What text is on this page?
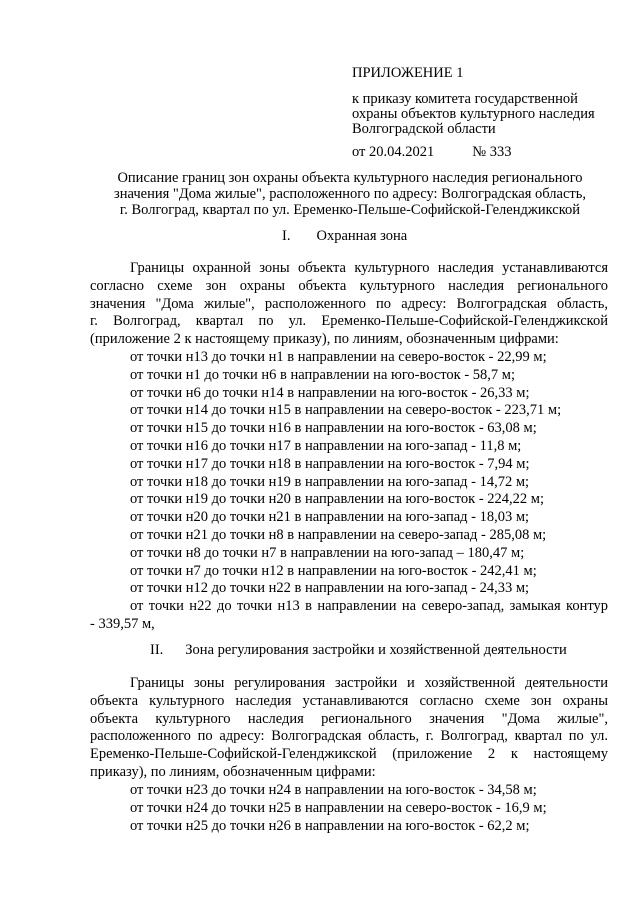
ПРИЛОЖЕНИЕ 1
к приказу комитета государственной
охраны объектов культурного наследия
Волгоградской области
от 20.04.2021	№ 333
Описание границ зон охраны объекта культурного наследия регионального
значения "Дома жилые", расположенного по адресу: Волгоградская область,
г. Волгоград, квартал по ул. Еременко-Пельше-Софийской-Геленджикской
I. Охранная зона
Границы охранной зоны объекта культурного наследия устанавливаются
согласно схеме зон охраны объекта культурного наследия регионального
значения "Дома жилые", расположенного по адресу: Волгоградская область,
г. Волгоград, квартал по ул. Еременко-Пельше-Софийской-Геленджикской
(приложение 2 к настоящему приказу), по линиям, обозначенным цифрами:
от точки н13 до точки н1 в направлении на северо-восток - 22,99 м;
от точки н1 до точки н6 в направлении на юго-восток - 58,7 м;
от точки н6 до точки н14 в направлении на юго-восток - 26,33 м;
от точки н14 до точки н15 в направлении на северо-восток - 223,71 м;
от точки н15 до точки н16 в направлении на юго-восток - 63,08 м;
от точки н16 до точки н17 в направлении на юго-запад - 11,8 м;
от точки н17 до точки н18 в направлении на юго-восток - 7,94 м;
от точки н18 до точки н19 в направлении на юго-запад - 14,72 м;
от точки н19 до точки н20 в направлении на юго-восток - 224,22 м;
от точки н20 до точки н21 в направлении на юго-запад - 18,03 м;
от точки н21 до точки н8 в направлении на северо-запад - 285,08 м;
от точки н8 до точки н7 в направлении на юго-запад – 180,47 м;
от точки н7 до точки н12 в направлении на юго-восток - 242,41 м;
от точки н12 до точки н22 в направлении на юго-запад - 24,33 м;
от точки н22 до точки н13 в направлении на северо-запад, замыкая контур
- 339,57 м,
II. Зона регулирования застройки и хозяйственной деятельности
Границы зоны регулирования застройки и хозяйственной деятельности
объекта культурного наследия устанавливаются согласно схеме зон охраны
объекта культурного наследия регионального значения "Дома жилые",
расположенного по адресу: Волгоградская область, г. Волгоград, квартал по ул.
Еременко-Пельше-Софийской-Геленджикской (приложение 2 к настоящему
приказу), по линиям, обозначенным цифрами:
от точки н23 до точки н24 в направлении на юго-восток - 34,58 м;
от точки н24 до точки н25 в направлении на северо-восток - 16,9 м;
от точки н25 до точки н26 в направлении на юго-восток - 62,2 м;
